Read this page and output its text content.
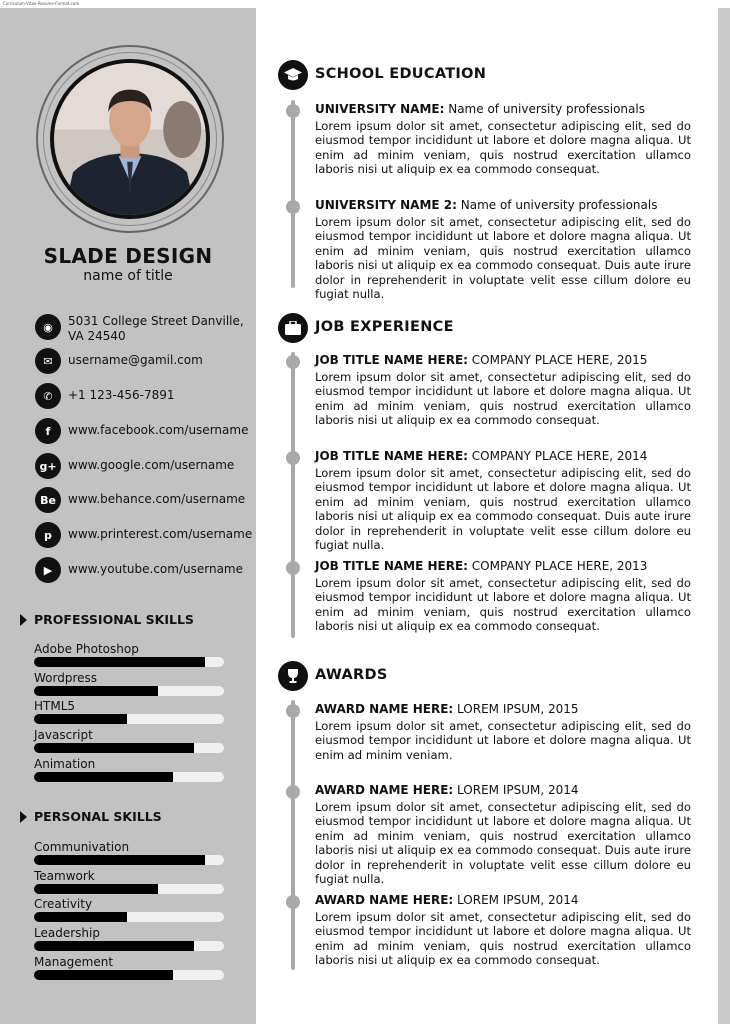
Curriculum-Vitae-Resume-Format.com
SLADE DESIGN
name of title
◉	5031 College Street Danville,
VA 24540
✉	username@gamil.com
✆	+1 123-456-7891
f	www.facebook.com/username
g+ www.google.com/username
Be	www.behance.com/username
p	www.printerest.com/username
▶	www.youtube.com/username
PROFESSIONAL SKILLS
Adobe Photoshop
Wordpress
HTML5
Javascript
Animation
PERSONAL SKILLS
Communivation
Teamwork
Creativity
Leadership
Management
SCHOOL EDUCATION
UNIVERSITY NAME: Name of university professionals
Lorem ipsum dolor sit amet, consectetur adipiscing elit, sed do eiusmod tempor incididunt ut labore et dolore magna aliqua. Ut enim ad minim veniam, quis nostrud exercitation ullamco laboris nisi ut aliquip ex ea commodo consequat.
UNIVERSITY NAME 2: Name of university professionals
Lorem ipsum dolor sit amet, consectetur adipiscing elit, sed do eiusmod tempor incididunt ut labore et dolore magna aliqua. Ut enim ad minim veniam, quis nostrud exercitation ullamco laboris nisi ut aliquip ex ea commodo consequat. Duis aute irure dolor in reprehenderit in voluptate velit esse cillum dolore eu fugiat nulla.
JOB EXPERIENCE
JOB TITLE NAME HERE: COMPANY PLACE HERE, 2015
Lorem ipsum dolor sit amet, consectetur adipiscing elit, sed do eiusmod tempor incididunt ut labore et dolore magna aliqua. Ut enim ad minim veniam, quis nostrud exercitation ullamco laboris nisi ut aliquip ex ea commodo consequat.
JOB TITLE NAME HERE: COMPANY PLACE HERE, 2014
Lorem ipsum dolor sit amet, consectetur adipiscing elit, sed do eiusmod tempor incididunt ut labore et dolore magna aliqua. Ut enim ad minim veniam, quis nostrud exercitation ullamco laboris nisi ut aliquip ex ea commodo consequat. Duis aute irure dolor in reprehenderit in voluptate velit esse cillum dolore eu fugiat nulla.
JOB TITLE NAME HERE: COMPANY PLACE HERE, 2013
Lorem ipsum dolor sit amet, consectetur adipiscing elit, sed do eiusmod tempor incididunt ut labore et dolore magna aliqua. Ut enim ad minim veniam, quis nostrud exercitation ullamco laboris nisi ut aliquip ex ea commodo consequat.
AWARDS
AWARD NAME HERE: LOREM IPSUM, 2015
Lorem ipsum dolor sit amet, consectetur adipiscing elit, sed do eiusmod tempor incididunt ut labore et dolore magna aliqua. Ut enim ad minim veniam.
AWARD NAME HERE: LOREM IPSUM, 2014
Lorem ipsum dolor sit amet, consectetur adipiscing elit, sed do eiusmod tempor incididunt ut labore et dolore magna aliqua. Ut enim ad minim veniam, quis nostrud exercitation ullamco laboris nisi ut aliquip ex ea commodo consequat. Duis aute irure dolor in reprehenderit in voluptate velit esse cillum dolore eu fugiat nulla.
AWARD NAME HERE: LOREM IPSUM, 2014
Lorem ipsum dolor sit amet, consectetur adipiscing elit, sed do eiusmod tempor incididunt ut labore et dolore magna aliqua. Ut enim ad minim veniam, quis nostrud exercitation ullamco laboris nisi ut aliquip ex ea commodo consequat.
